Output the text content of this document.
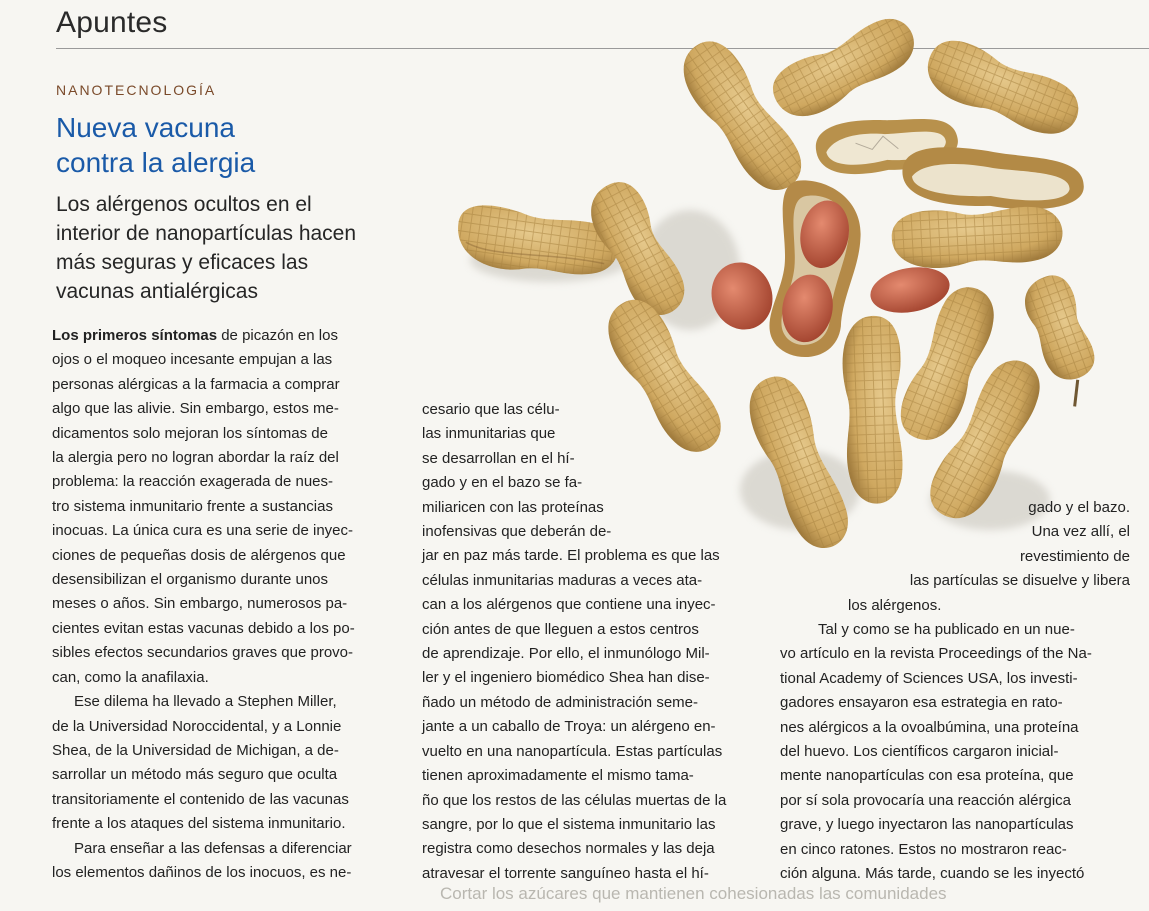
Apuntes
NANOTECNOLOGÍA
Nueva vacuna
contra la alergia
Los alérgenos ocultos en el
interior de nanopartículas hacen
más seguras y eficaces las
vacunas antialérgicas
Los primeros síntomas de picazón en los
ojos o el moqueo incesante empujan a las
personas alérgicas a la farmacia a comprar
algo que las alivie. Sin embargo, estos me-
dicamentos solo mejoran los síntomas de
la alergia pero no logran abordar la raíz del
problema: la reacción exagerada de nues-
tro sistema inmunitario frente a sustancias
inocuas. La única cura es una serie de inyec-
ciones de pequeñas dosis de alérgenos que
desensibilizan el organismo durante unos
meses o años. Sin embargo, numerosos pa-
cientes evitan estas vacunas debido a los po-
sibles efectos secundarios graves que provo-
can, como la anafilaxia.
Ese dilema ha llevado a Stephen Miller,
de la Universidad Noroccidental, y a Lonnie
Shea, de la Universidad de Michigan, a de-
sarrollar un método más seguro que oculta
transitoriamente el contenido de las vacunas
frente a los ataques del sistema inmunitario.
Para enseñar a las defensas a diferenciar
los elementos dañinos de los inocuos, es ne-
cesario que las célu-
las inmunitarias que
se desarrollan en el hí-
gado y en el bazo se fa-
miliaricen con las proteínas
inofensivas que deberán de-
jar en paz más tarde. El problema es que las
células inmunitarias maduras a veces ata-
can a los alérgenos que contiene una inyec-
ción antes de que lleguen a estos centros
de aprendizaje. Por ello, el inmunólogo Mil-
ler y el ingeniero biomédico Shea han dise-
ñado un método de administración seme-
jante a un caballo de Troya: un alérgeno en-
vuelto en una nanopartícula. Estas partículas
tienen aproximadamente el mismo tama-
ño que los restos de las células muertas de la
sangre, por lo que el sistema inmunitario las
registra como desechos normales y las deja
atravesar el torrente sanguíneo hasta el hí-
gado y el bazo.
Una vez allí, el
revestimiento de
las partículas se disuelve y libera
los alérgenos.
Tal y como se ha publicado en un nue-
vo artículo en la revista Proceedings of the Na-
tional Academy of Sciences USA, los investi-
gadores ensayaron esa estrategia en rato-
nes alérgicos a la ovoalbúmina, una proteína
del huevo. Los científicos cargaron inicial-
mente nanopartículas con esa proteína, que
por sí sola provocaría una reacción alérgica
grave, y luego inyectaron las nanopartículas
en cinco ratones. Estos no mostraron reac-
ción alguna. Más tarde, cuando se les inyectó
Cortar los azúcares que mantienen cohesionadas las comunidades
